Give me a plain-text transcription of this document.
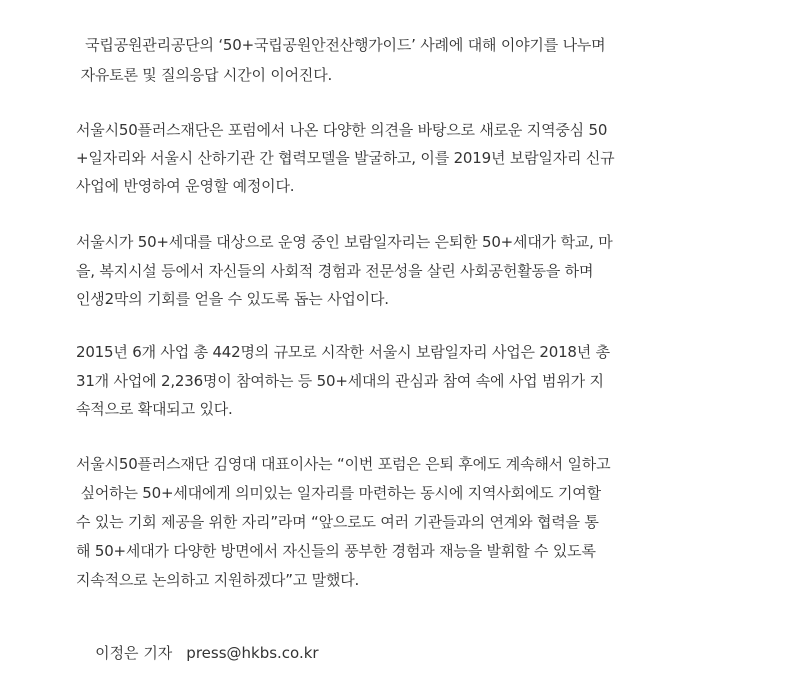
국립공원관리공단의 ‘50+국립공원안전산행가이드’ 사례에 대해 이야기를 나누며
자유토론 및 질의응답 시간이 이어진다.
서울시50플러스재단은 포럼에서 나온 다양한 의견을 바탕으로 새로운 지역중심 50
+일자리와 서울시 산하기관 간 협력모델을 발굴하고, 이를 2019년 보람일자리 신규
사업에 반영하여 운영할 예정이다.
서울시가 50+세대를 대상으로 운영 중인 보람일자리는 은퇴한 50+세대가 학교, 마
을, 복지시설 등에서 자신들의 사회적 경험과 전문성을 살린 사회공헌활동을 하며
인생2막의 기회를 얻을 수 있도록 돕는 사업이다.
2015년 6개 사업 총 442명의 규모로 시작한 서울시 보람일자리 사업은 2018년 총
31개 사업에 2,236명이 참여하는 등 50+세대의 관심과 참여 속에 사업 범위가 지
속적으로 확대되고 있다.
서울시50플러스재단 김영대 대표이사는 “이번 포럼은 은퇴 후에도 계속해서 일하고
싶어하는 50+세대에게 의미있는 일자리를 마련하는 동시에 지역사회에도 기여할
수 있는 기회 제공을 위한 자리”라며 “앞으로도 여러 기관들과의 연계와 협력을 통
해 50+세대가 다양한 방면에서 자신들의 풍부한 경험과 재능을 발휘할 수 있도록
지속적으로 논의하고 지원하겠다”고 말했다.

이정은 기자 press@hkbs.co.kr
